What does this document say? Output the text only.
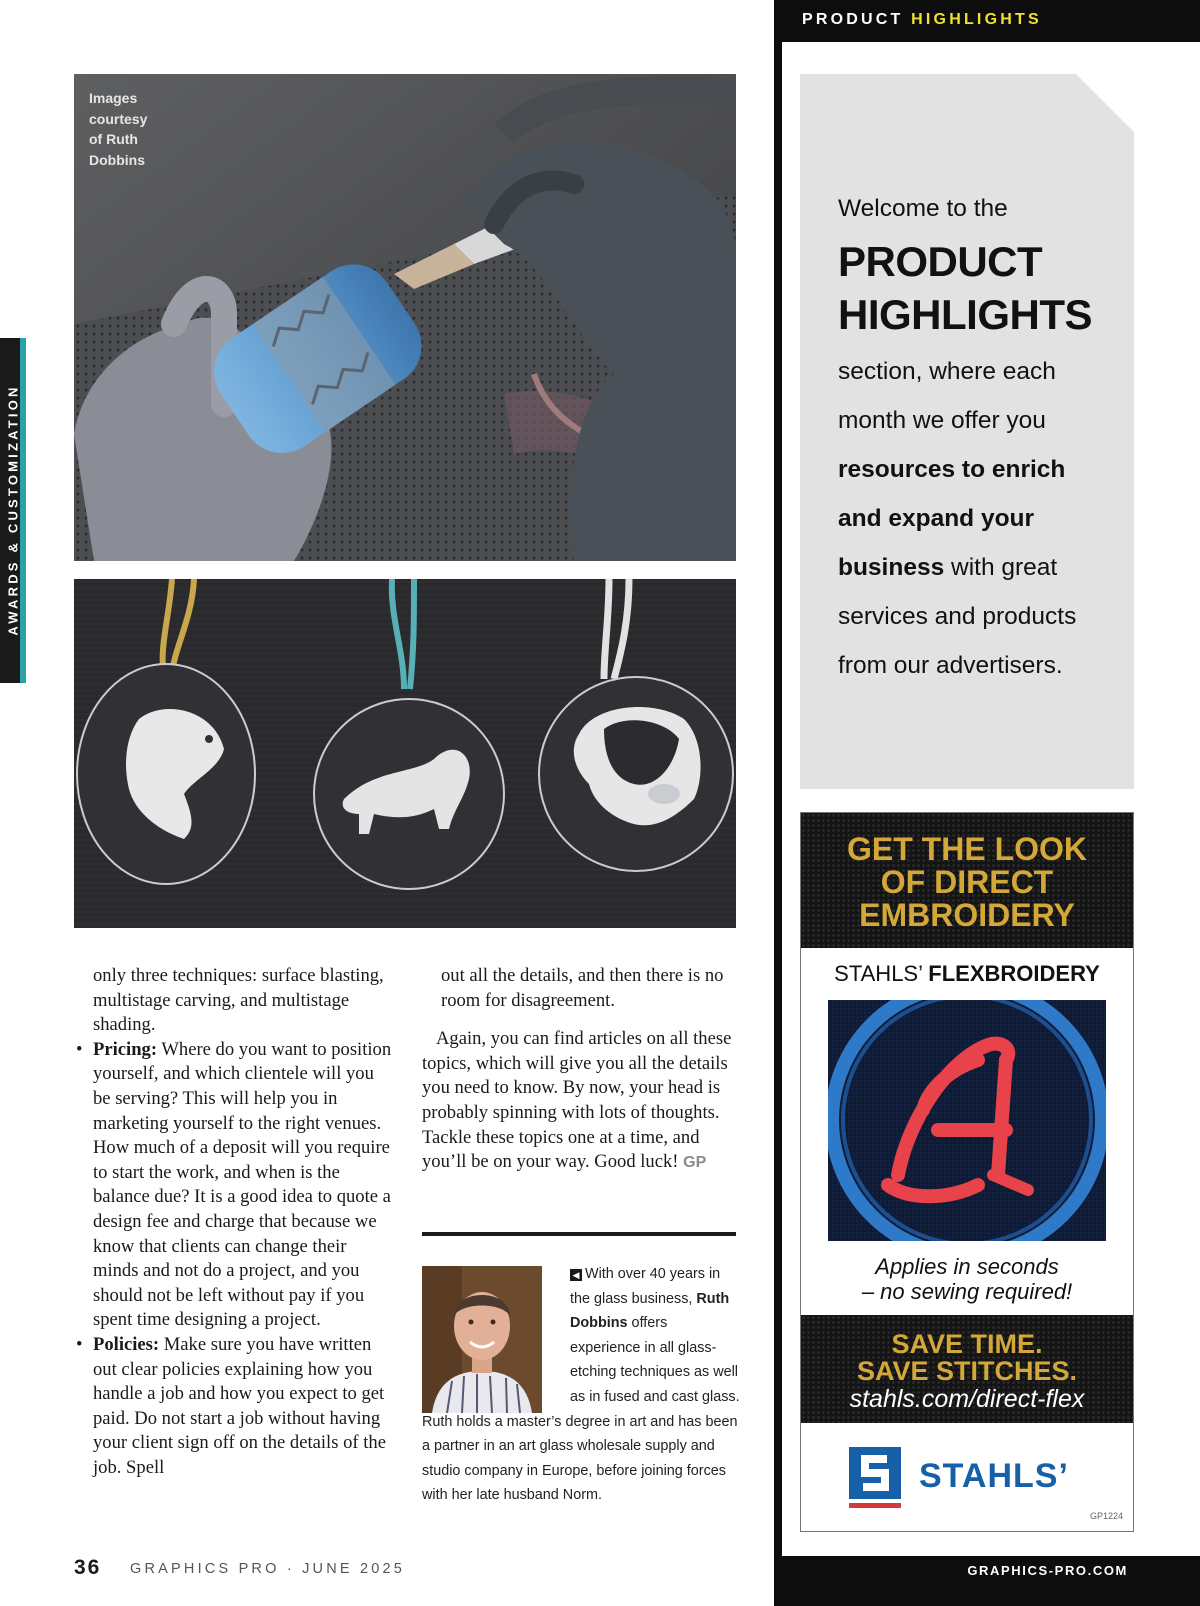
AWARDS & CUSTOMIZATION
Images
courtesy
of Ruth
Dobbins
only three techniques: surface blasting, multistage carving, and multistage shading.
• Pricing: Where do you want to position yourself, and which clientele will you be serving? This will help you in marketing yourself to the right venues. How much of a deposit will you require to start the work, and when is the balance due? It is a good idea to quote a design fee and charge that because we know that clients can change their minds and not do a project, and you should not be left without pay if you spent time designing a project.
• Policies: Make sure you have written out clear policies explaining how you handle a job and how you expect to get paid. Do not start a job without having your client sign off on the details of the job. Spell
out all the details, and then there is no room for disagreement.
Again, you can find articles on all these topics, which will give you all the details you need to know. By now, your head is probably spinning with lots of thoughts. Tackle these topics one at a time, and you’ll be on your way. Good luck! GP
◀ With over 40 years in the glass business, Ruth Dobbins offers experience in all glass-etching techniques as well as in fused and cast glass. Ruth holds a master’s degree in art and has been a partner in an art glass wholesale supply and studio company in Europe, before joining forces with her late husband Norm.
36 GRAPHICS PRO · JUNE 2025
PRODUCT HIGHLIGHTS
Welcome to the
PRODUCT
HIGHLIGHTS
section, where each
month we offer you
resources to enrich
and expand your
business with great
services and products
from our advertisers.
GET THE LOOK
OF DIRECT
EMBROIDERY
STAHLS’ FLEXBROIDERY
Applies in seconds
– no sewing required!
SAVE TIME.
SAVE STITCHES.
stahls.com/direct-flex
STAHLS’
GP1224
GRAPHICS-PRO.COM
